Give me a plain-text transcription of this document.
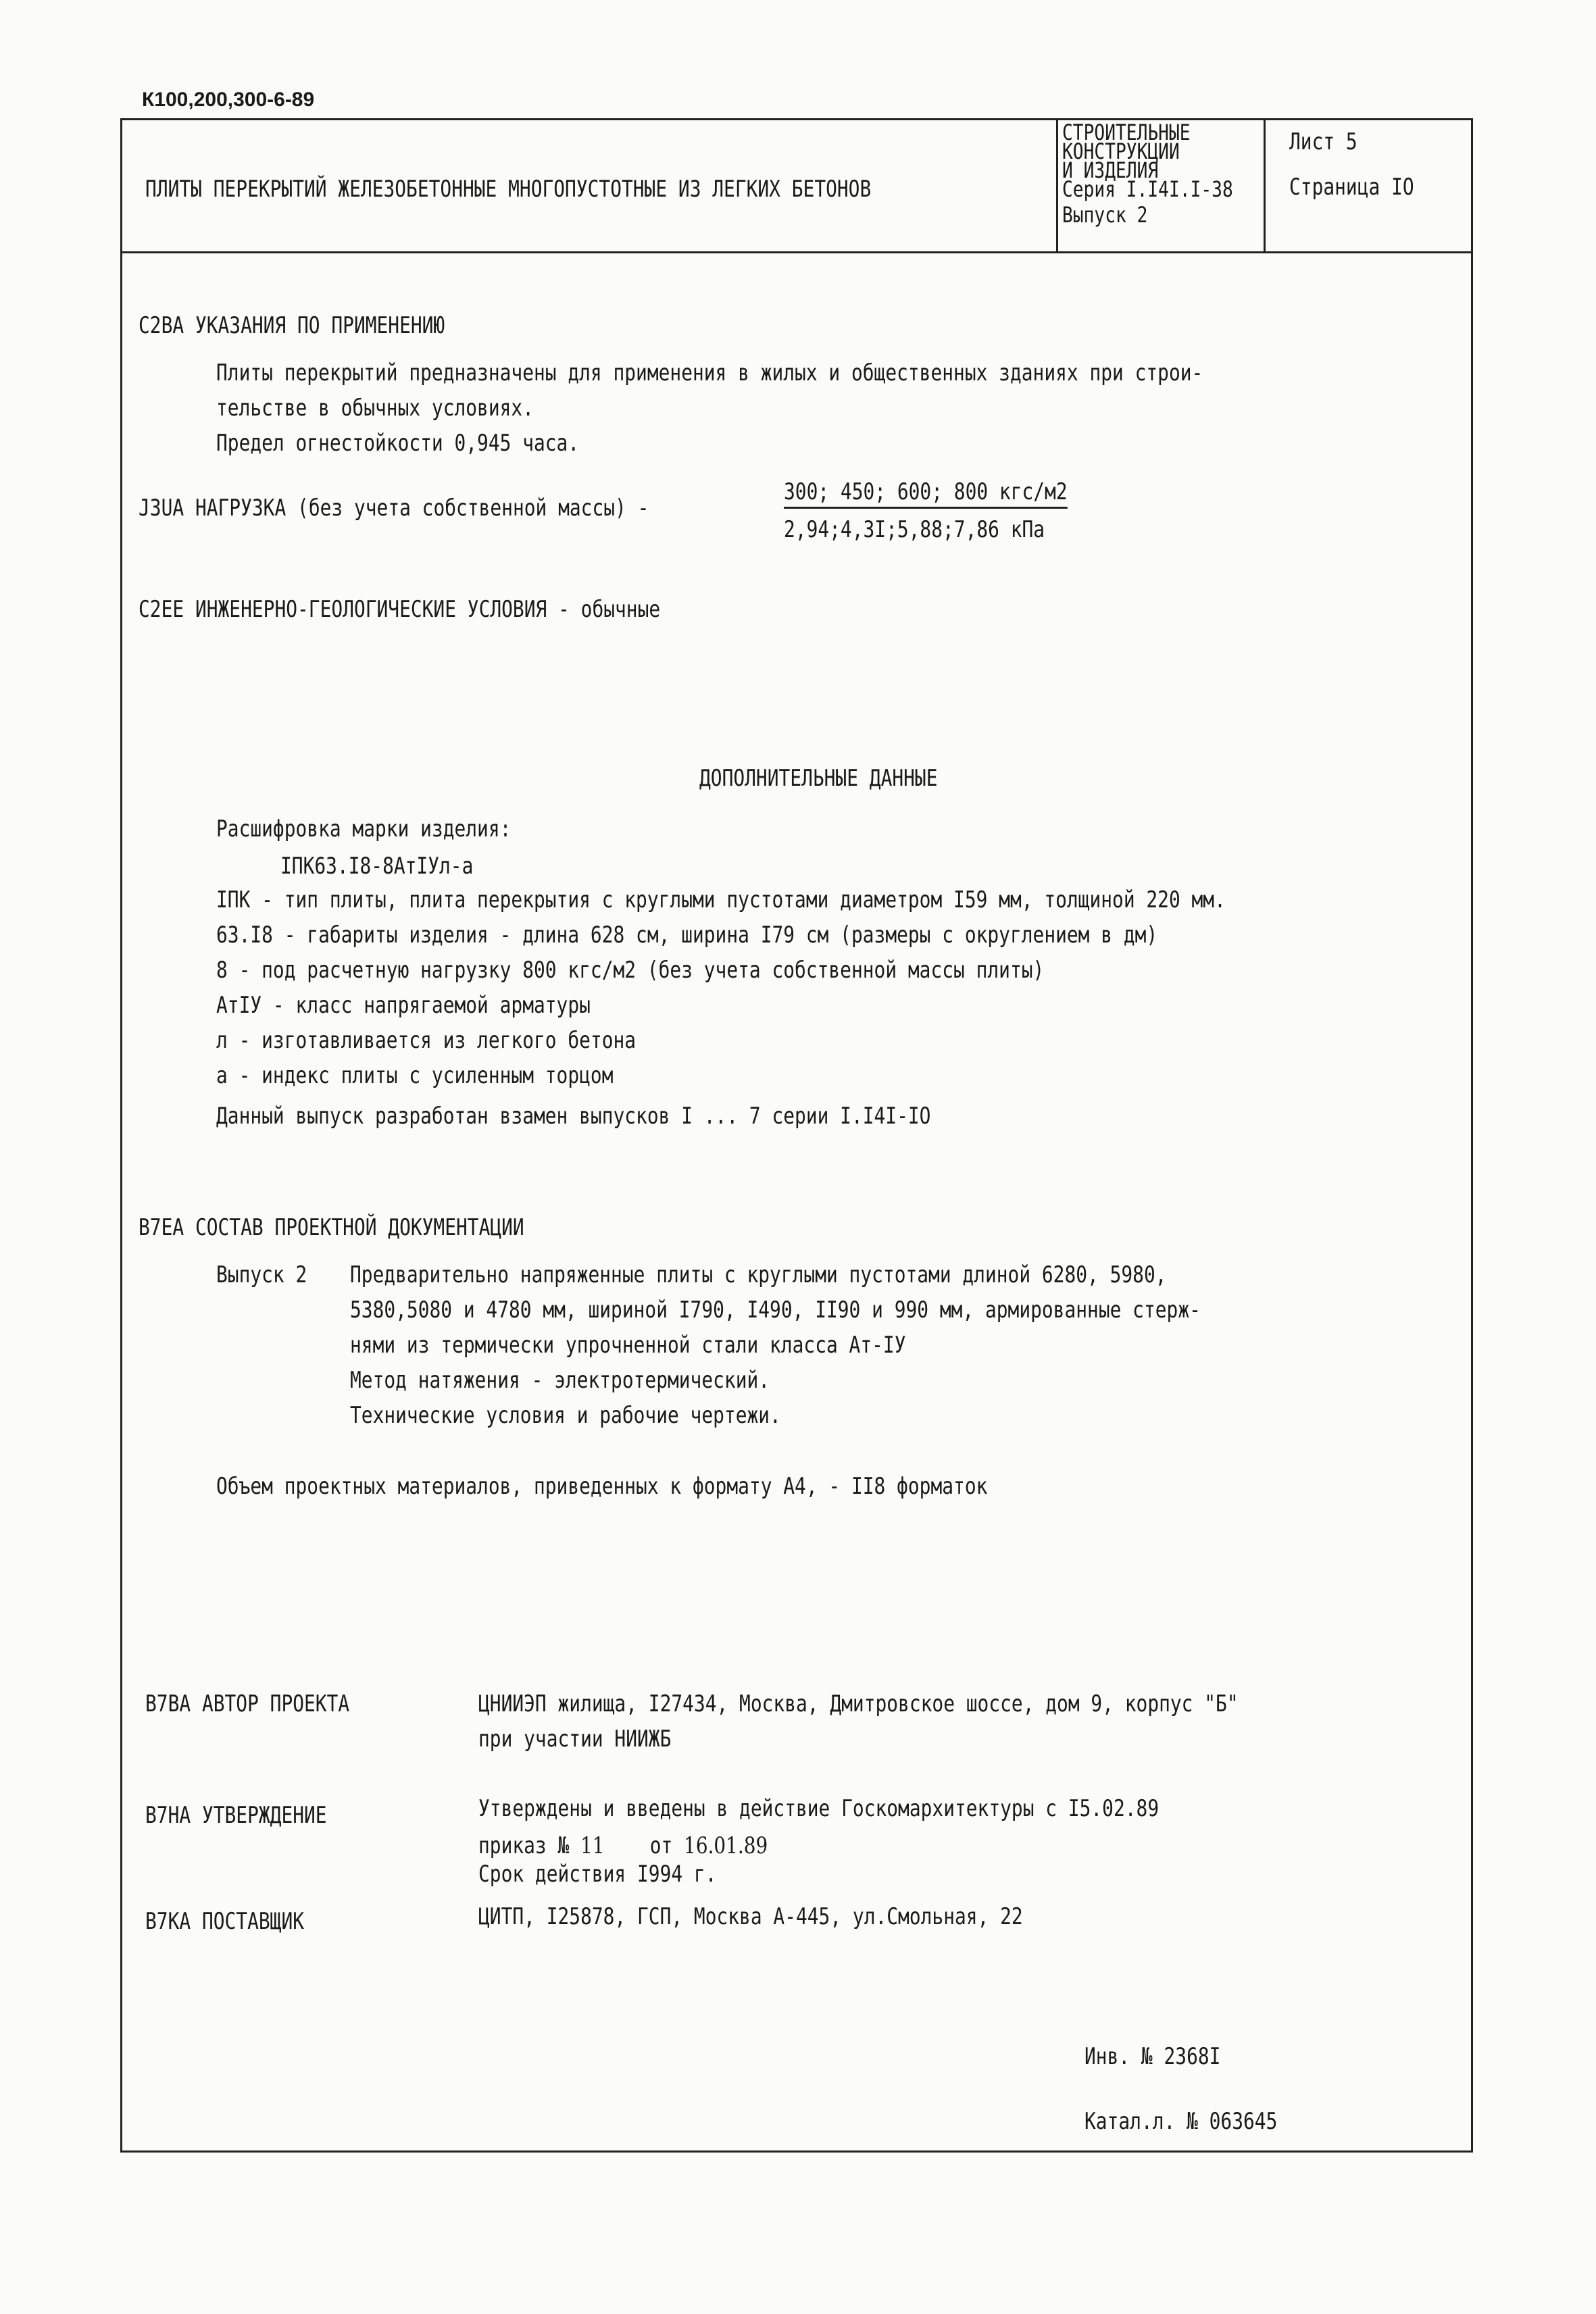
К100,200,300-6-89
ПЛИТЫ ПЕРЕКРЫТИЙ ЖЕЛЕЗОБЕТОННЫЕ МНОГОПУСТОТНЫЕ ИЗ ЛЕГКИХ БЕТОНОВ
СТРОИТЕЛЬНЫЕ
КОНСТРУКЦИИ
И ИЗДЕЛИЯ
Серия I.I4I.I-38
Выпуск 2
Лист 5
Страница IO
С2ВА УКАЗАНИЯ ПО ПРИМЕНЕНИЮ
Плиты перекрытий предназначены для применения в жилых и общественных зданиях при строи-
тельстве в обычных условиях.
Предел огнестойкости 0,945 часа.
J3UA НАГРУЗКА (без учета собственной массы) -
300; 450; 600; 800 кгс/м2
2,94;4,3I;5,88;7,86 кПа
С2ЕЕ ИНЖЕНЕРНО-ГЕОЛОГИЧЕСКИЕ УСЛОВИЯ - обычные
ДОПОЛНИТЕЛЬНЫЕ ДАННЫЕ
Расшифровка марки изделия:
IПК63.I8-8АтIУл-а
IПК - тип плиты, плита перекрытия с круглыми пустотами диаметром I59 мм, толщиной 220 мм.
63.I8 - габариты изделия - длина 628 см, ширина I79 см (размеры с округлением в дм)
8 - под расчетную нагрузку 800 кгс/м2 (без учета собственной массы плиты)
АтIУ - класс напрягаемой арматуры
л - изготавливается из легкого бетона
а - индекс плиты с усиленным торцом
Данный выпуск разработан взамен выпусков I ... 7 серии I.I4I-IO
В7ЕА СОСТАВ ПРОЕКТНОЙ ДОКУМЕНТАЦИИ
Выпуск 2	Предварительно напряженные плиты с круглыми пустотами длиной 6280, 5980,
5380,5080 и 4780 мм, шириной I790, I490, II90 и 990 мм, армированные стерж-
нями из термически упрочненной стали класса Ат-IУ
Метод натяжения - электротермический.
Технические условия и рабочие чертежи.
Объем проектных материалов, приведенных к формату А4, - II8 форматок
В7ВА АВТОР ПРОЕКТА	ЦНИИЭП жилища, I27434, Москва, Дмитровское шоссе, дом 9, корпус "Б"
при участии НИИЖБ
В7НА УТВЕРЖДЕНИЕ	Утверждены и введены в действие Госкомархитектуры с I5.02.89
приказ № 11 от 16.01.89
Срок действия I994 г.
В7КА ПОСТАВЩИК	ЦИТП, I25878, ГСП, Москва А-445, ул.Смольная, 22
Инв. № 2368I
Катал.л. № 063645
